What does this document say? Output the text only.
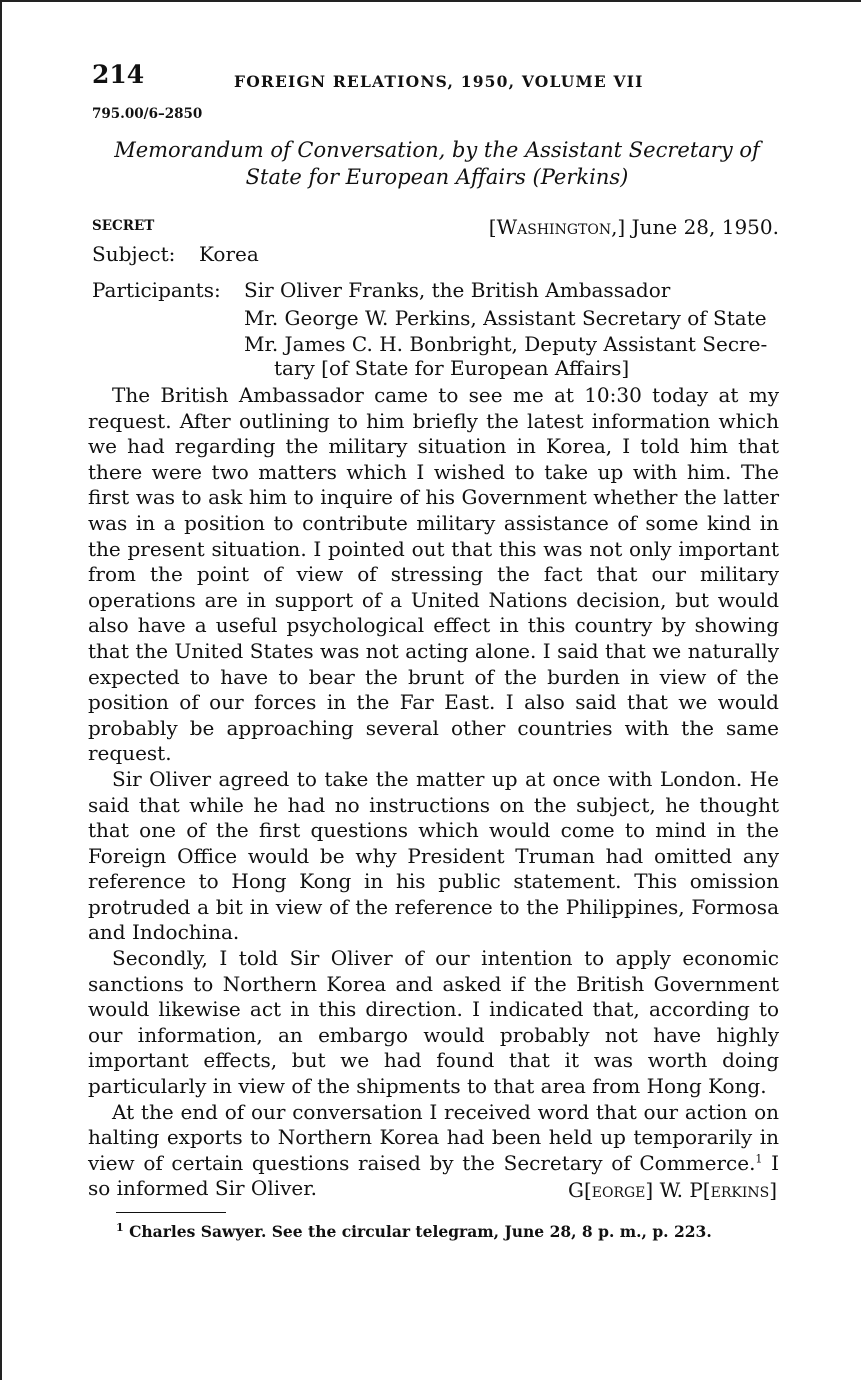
214	FOREIGN RELATIONS, 1950, VOLUME VII
795.00/6–2850
Memorandum of Conversation, by the Assistant Secretary of State for European Affairs (Perkins)
SECRET	[Washington,] June 28, 1950.
Subject: Korea
Participants: Sir Oliver Franks, the British Ambassador
Mr. George W. Perkins, Assistant Secretary of State
Mr. James C. H. Bonbright, Deputy Assistant Secre-
tary [of State for European Affairs]

The British Ambassador came to see me at 10:30 today at my request. After outlining to him briefly the latest information which we had regarding the military situation in Korea, I told him that there were two matters which I wished to take up with him. The first was to ask him to inquire of his Government whether the latter was in a position to contribute military assistance of some kind in the present situation. I pointed out that this was not only important from the point of view of stressing the fact that our military operations are in support of a United Nations decision, but would also have a useful psychological effect in this country by showing that the United States was not acting alone. I said that we naturally expected to have to bear the brunt of the burden in view of the position of our forces in the Far East. I also said that we would probably be approaching several other countries with the same request.

Sir Oliver agreed to take the matter up at once with London. He said that while he had no instructions on the subject, he thought that one of the first questions which would come to mind in the Foreign Office would be why President Truman had omitted any reference to Hong Kong in his public statement. This omission protruded a bit in view of the reference to the Philippines, Formosa and Indochina.

Secondly, I told Sir Oliver of our intention to apply economic sanctions to Northern Korea and asked if the British Government would likewise act in this direction. I indicated that, according to our information, an embargo would probably not have highly important effects, but we had found that it was worth doing particularly in view of the shipments to that area from Hong Kong.

At the end of our conversation I received word that our action on halting exports to Northern Korea had been held up temporarily in view of certain questions raised by the Secretary of Commerce.$^1$ I so informed Sir Oliver.	G[eorge] W. P[erkins]
$^1$ Charles Sawyer. See the circular telegram, June 28, 8 p. m., p. 223.
